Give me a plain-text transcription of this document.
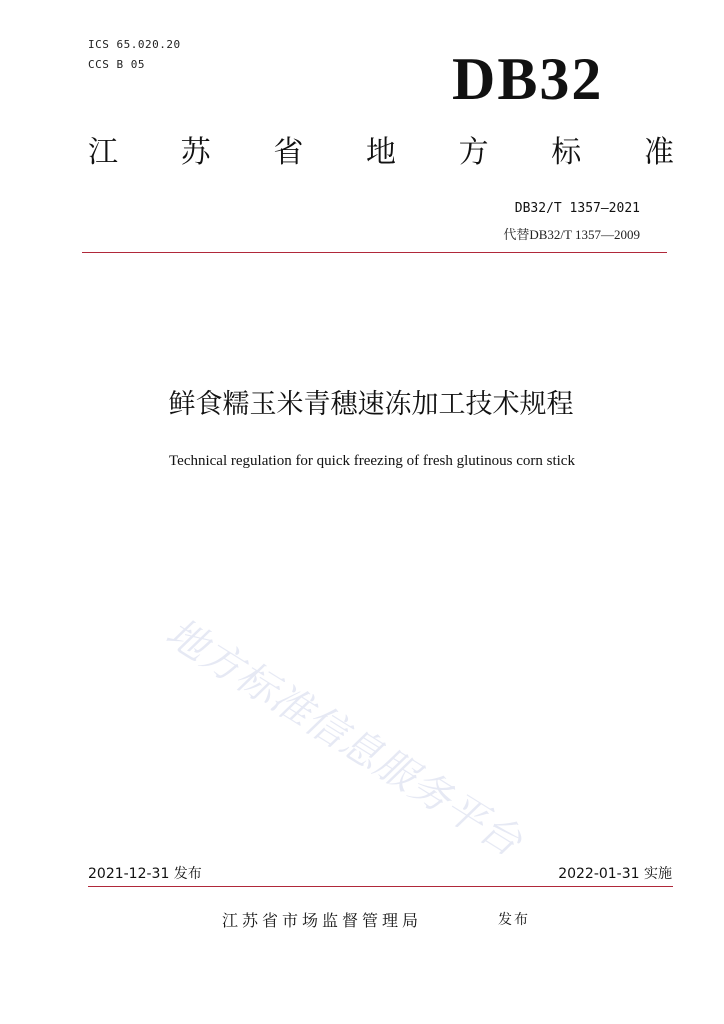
ICS 65.020.20
CCS B 05	DB32
江 苏 省 地 方 标 准
DB32/T 1357—2021
代替DB32/T 1357—2009
鲜食糯玉米青穗速冻加工技术规程
Technical regulation for quick freezing of fresh glutinous corn stick
地方标准信息服务平台
2021-12-31 发布	2022-01-31 实施
江苏省市场监督管理局	发布
